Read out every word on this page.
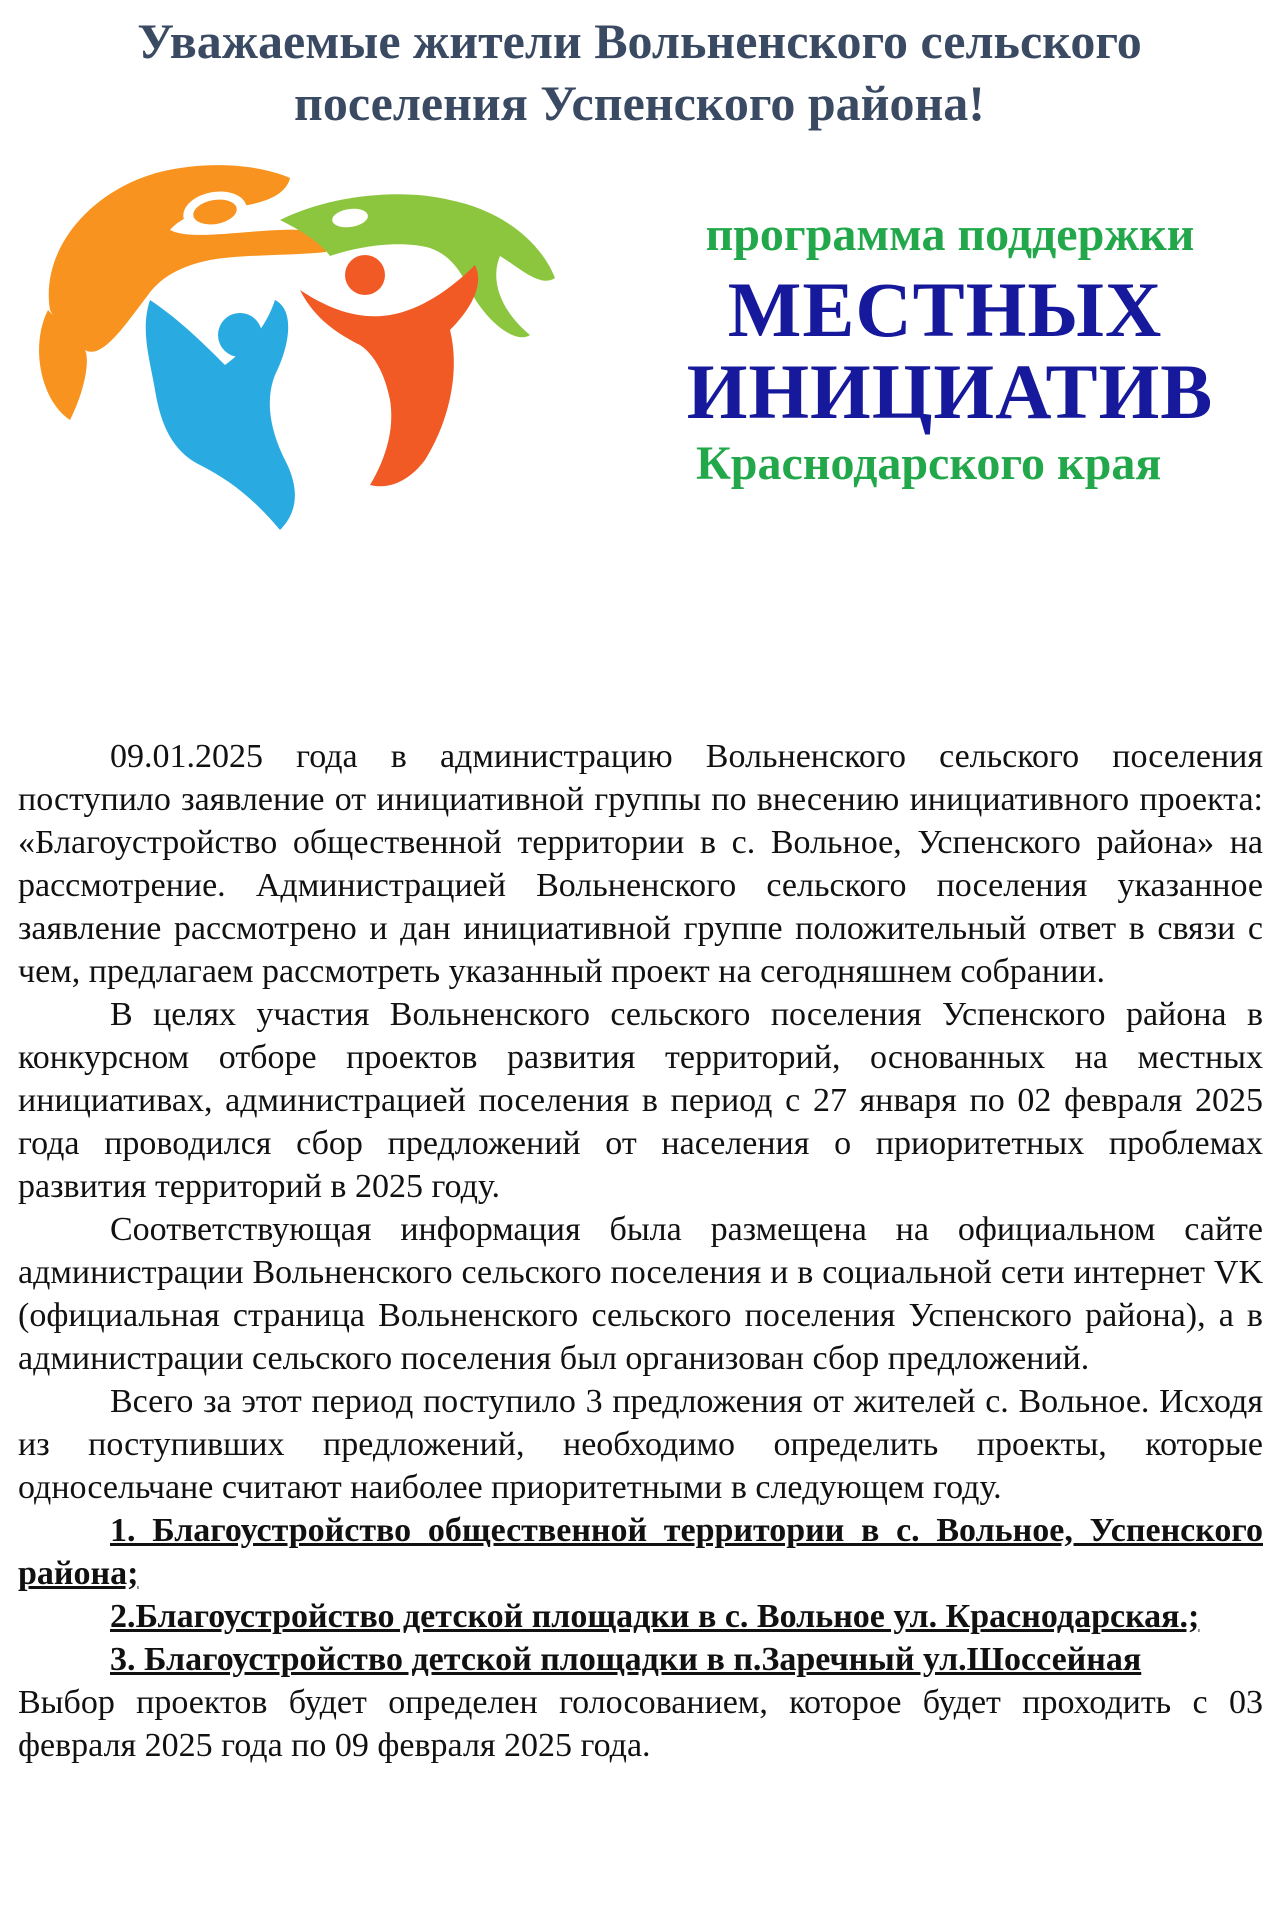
Уважаемые жители Вольненского сельского
поселения Успенского района!
программа поддержки
МЕСТНЫХ
ИНИЦИАТИВ
Краснодарского края

09.01.2025 года в администрацию Вольненского сельского поселения поступило заявление от инициативной группы по внесению инициативного проекта: «Благоустройство общественной территории в с. Вольное, Успенского района» на рассмотрение. Администрацией Вольненского сельского поселения указанное заявление рассмотрено и дан инициативной группе положительный ответ в связи с чем, предлагаем рассмотреть указанный проект на сегодняшнем собрании.

В целях участия Вольненского сельского поселения Успенского района в конкурсном отборе проектов развития территорий, основанных на местных инициативах, администрацией поселения в период с 27 января по 02 февраля 2025 года проводился сбор предложений от населения о приоритетных проблемах развития территорий в 2025 году.

Соответствующая информация была размещена на официальном сайте администрации Вольненского сельского поселения и в социальной сети интернет VK (официальная страница Вольненского сельского поселения Успенского района), а в администрации сельского поселения был организован сбор предложений.

Всего за этот период поступило 3 предложения от жителей с. Вольное. Исходя из поступивших предложений, необходимо определить проекты, которые односельчане считают наиболее приоритетными в следующем году.

1. Благоустройство общественной территории в с. Вольное, Успенского района;

2.Благоустройство детской площадки в с. Вольное ул. Краснодарская.;

3. Благоустройство детской площадки в п.Заречный ул.Шоссейная

Выбор проектов будет определен голосованием, которое будет проходить с 03 февраля 2025 года по 09 февраля 2025 года.
